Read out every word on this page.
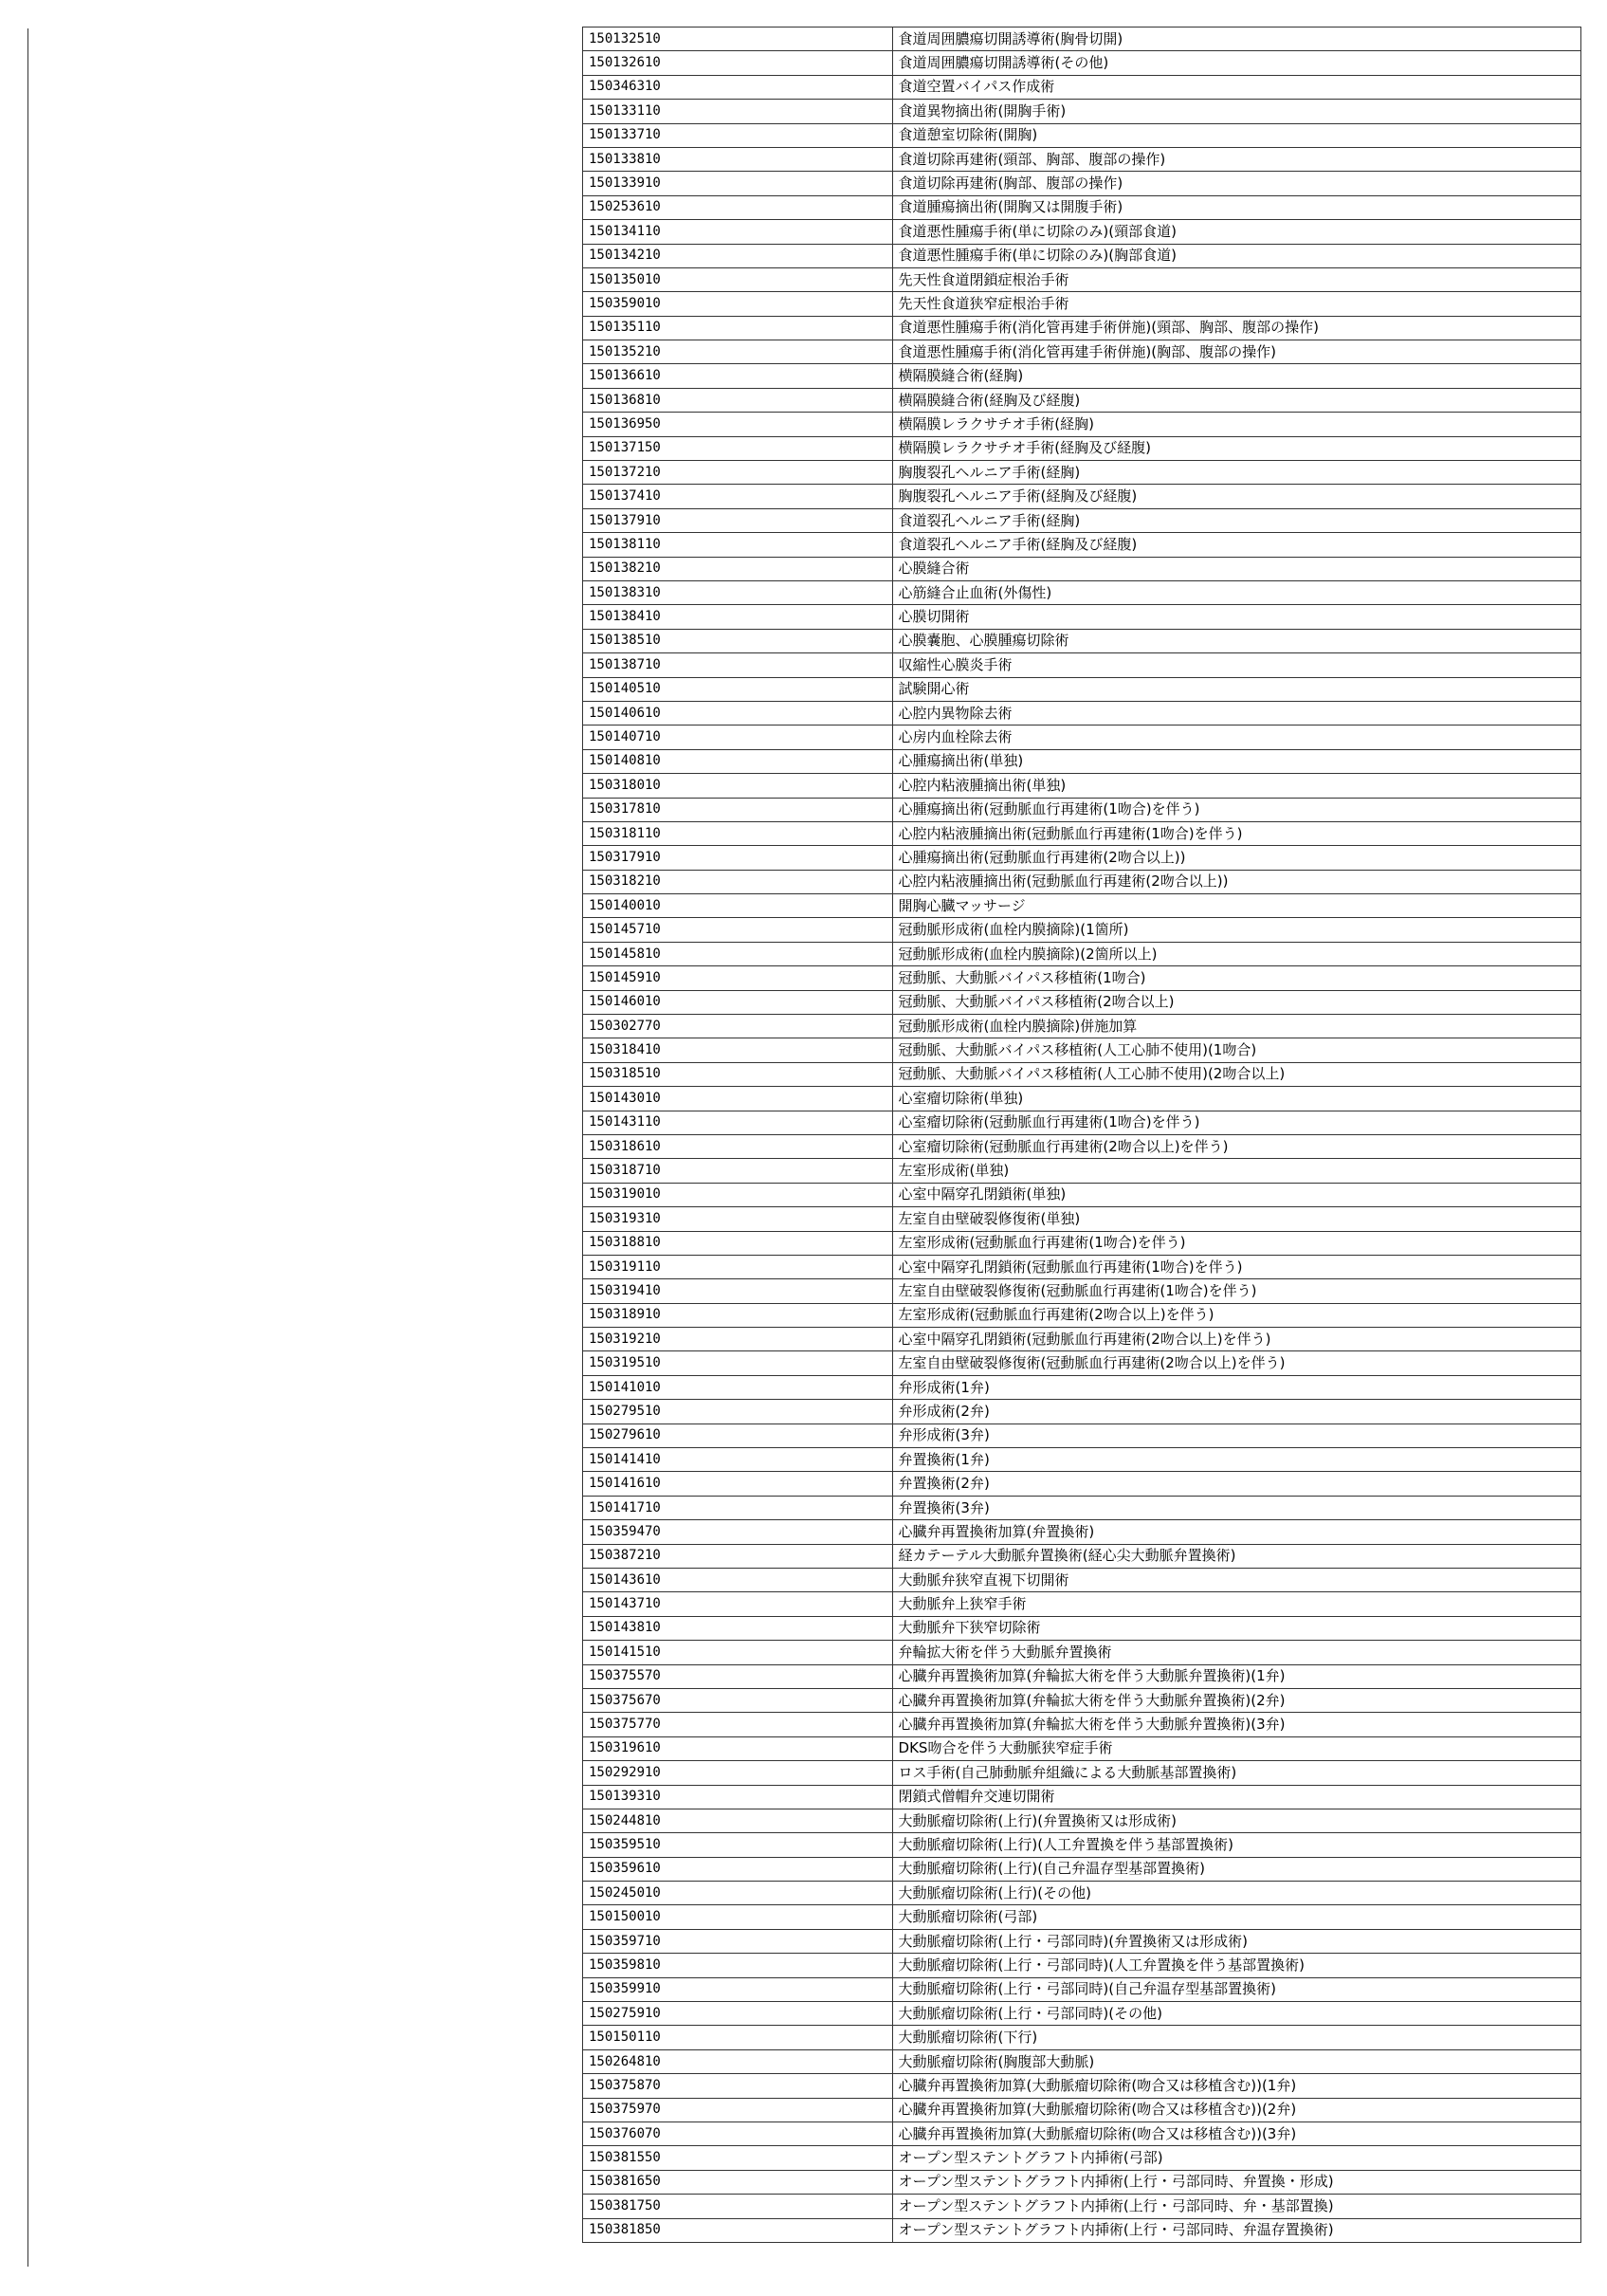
150132510	食道周囲膿瘍切開誘導術(胸骨切開)
150132610	食道周囲膿瘍切開誘導術(その他)
150346310	食道空置バイパス作成術
150133110	食道異物摘出術(開胸手術)
150133710	食道憩室切除術(開胸)
150133810	食道切除再建術(頸部、胸部、腹部の操作)
150133910	食道切除再建術(胸部、腹部の操作)
150253610	食道腫瘍摘出術(開胸又は開腹手術)
150134110	食道悪性腫瘍手術(単に切除のみ)(頸部食道)
150134210	食道悪性腫瘍手術(単に切除のみ)(胸部食道)
150135010	先天性食道閉鎖症根治手術
150359010	先天性食道狭窄症根治手術
150135110	食道悪性腫瘍手術(消化管再建手術併施)(頸部、胸部、腹部の操作)
150135210	食道悪性腫瘍手術(消化管再建手術併施)(胸部、腹部の操作)
150136610	横隔膜縫合術(経胸)
150136810	横隔膜縫合術(経胸及び経腹)
150136950	横隔膜レラクサチオ手術(経胸)
150137150	横隔膜レラクサチオ手術(経胸及び経腹)
150137210	胸腹裂孔ヘルニア手術(経胸)
150137410	胸腹裂孔ヘルニア手術(経胸及び経腹)
150137910	食道裂孔ヘルニア手術(経胸)
150138110	食道裂孔ヘルニア手術(経胸及び経腹)
150138210	心膜縫合術
150138310	心筋縫合止血術(外傷性)
150138410	心膜切開術
150138510	心膜嚢胞、心膜腫瘍切除術
150138710	収縮性心膜炎手術
150140510	試験開心術
150140610	心腔内異物除去術
150140710	心房内血栓除去術
150140810	心腫瘍摘出術(単独)
150318010	心腔内粘液腫摘出術(単独)
150317810	心腫瘍摘出術(冠動脈血行再建術(1吻合)を伴う)
150318110	心腔内粘液腫摘出術(冠動脈血行再建術(1吻合)を伴う)
150317910	心腫瘍摘出術(冠動脈血行再建術(2吻合以上))
150318210	心腔内粘液腫摘出術(冠動脈血行再建術(2吻合以上))
150140010	開胸心臓マッサージ
150145710	冠動脈形成術(血栓内膜摘除)(1箇所)
150145810	冠動脈形成術(血栓内膜摘除)(2箇所以上)
150145910	冠動脈、大動脈バイパス移植術(1吻合)
150146010	冠動脈、大動脈バイパス移植術(2吻合以上)
150302770	冠動脈形成術(血栓内膜摘除)併施加算
150318410	冠動脈、大動脈バイパス移植術(人工心肺不使用)(1吻合)
150318510	冠動脈、大動脈バイパス移植術(人工心肺不使用)(2吻合以上)
150143010	心室瘤切除術(単独)
150143110	心室瘤切除術(冠動脈血行再建術(1吻合)を伴う)
150318610	心室瘤切除術(冠動脈血行再建術(2吻合以上)を伴う)
150318710	左室形成術(単独)
150319010	心室中隔穿孔閉鎖術(単独)
150319310	左室自由壁破裂修復術(単独)
150318810	左室形成術(冠動脈血行再建術(1吻合)を伴う)
150319110	心室中隔穿孔閉鎖術(冠動脈血行再建術(1吻合)を伴う)
150319410	左室自由壁破裂修復術(冠動脈血行再建術(1吻合)を伴う)
150318910	左室形成術(冠動脈血行再建術(2吻合以上)を伴う)
150319210	心室中隔穿孔閉鎖術(冠動脈血行再建術(2吻合以上)を伴う)
150319510	左室自由壁破裂修復術(冠動脈血行再建術(2吻合以上)を伴う)
150141010	弁形成術(1弁)
150279510	弁形成術(2弁)
150279610	弁形成術(3弁)
150141410	弁置換術(1弁)
150141610	弁置換術(2弁)
150141710	弁置換術(3弁)
150359470	心臓弁再置換術加算(弁置換術)
150387210	経カテーテル大動脈弁置換術(経心尖大動脈弁置換術)
150143610	大動脈弁狭窄直視下切開術
150143710	大動脈弁上狭窄手術
150143810	大動脈弁下狭窄切除術
150141510	弁輪拡大術を伴う大動脈弁置換術
150375570	心臓弁再置換術加算(弁輪拡大術を伴う大動脈弁置換術)(1弁)
150375670	心臓弁再置換術加算(弁輪拡大術を伴う大動脈弁置換術)(2弁)
150375770	心臓弁再置換術加算(弁輪拡大術を伴う大動脈弁置換術)(3弁)
150319610	DKS吻合を伴う大動脈狭窄症手術
150292910	ロス手術(自己肺動脈弁組織による大動脈基部置換術)
150139310	閉鎖式僧帽弁交連切開術
150244810	大動脈瘤切除術(上行)(弁置換術又は形成術)
150359510	大動脈瘤切除術(上行)(人工弁置換を伴う基部置換術)
150359610	大動脈瘤切除術(上行)(自己弁温存型基部置換術)
150245010	大動脈瘤切除術(上行)(その他)
150150010	大動脈瘤切除術(弓部)
150359710	大動脈瘤切除術(上行・弓部同時)(弁置換術又は形成術)
150359810	大動脈瘤切除術(上行・弓部同時)(人工弁置換を伴う基部置換術)
150359910	大動脈瘤切除術(上行・弓部同時)(自己弁温存型基部置換術)
150275910	大動脈瘤切除術(上行・弓部同時)(その他)
150150110	大動脈瘤切除術(下行)
150264810	大動脈瘤切除術(胸腹部大動脈)
150375870	心臓弁再置換術加算(大動脈瘤切除術(吻合又は移植含む))(1弁)
150375970	心臓弁再置換術加算(大動脈瘤切除術(吻合又は移植含む))(2弁)
150376070	心臓弁再置換術加算(大動脈瘤切除術(吻合又は移植含む))(3弁)
150381550	オープン型ステントグラフト内挿術(弓部)
150381650	オープン型ステントグラフト内挿術(上行・弓部同時、弁置換・形成)
150381750	オープン型ステントグラフト内挿術(上行・弓部同時、弁・基部置換)
150381850	オープン型ステントグラフト内挿術(上行・弓部同時、弁温存置換術)
